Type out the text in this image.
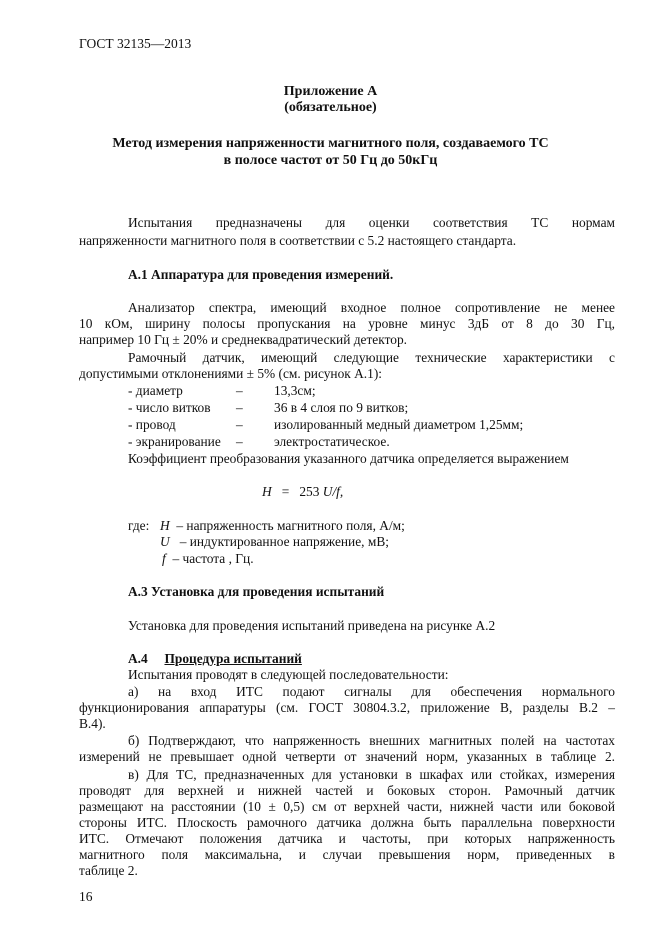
ГОСТ 32135—2013
Приложение А
(обязательное)
Метод измерения напряженности магнитного поля, создаваемого ТС
в полосе частот от 50 Гц до 50кГц
Испытания предназначены для оценки соответствия ТС нормам
напряженности магнитного поля в соответствии с 5.2 настоящего стандарта.
А.1 Аппаратура для проведения измерений.
Анализатор спектра, имеющий входное полное сопротивление не менее
10 кОм, ширину полосы пропускания на уровне минус 3дБ от 8 до 30 Гц,
например 10 Гц ± 20% и среднеквадратический детектор.
Рамочный датчик, имеющий следующие технические характеристики с
допустимыми отклонениями ± 5% (см. рисунок А.1):
- диаметр	– 13,3см;
- число витков – 36 в 4 слоя по 9 витков;
- провод	– изолированный медный диаметром 1,25мм;
- экранирование – электростатическое.
Коэффициент преобразования указанного датчика определяется выражением
H = 253 U/f,
где: H – напряженность магнитного поля, А/м;
U – индуктированное напряжение, мВ;
f – частота , Гц.
А.3 Установка для проведения испытаний
Установка для проведения испытаний приведена на рисунке А.2
А.4 Процедура испытаний
Испытания проводят в следующей последовательности:
а) на вход ИТС подают сигналы для обеспечения нормального
функционирования аппаратуры (см. ГОСТ 30804.3.2, приложение В, разделы В.2 –
В.4).
б) Подтверждают, что напряженность внешних магнитных полей на частотах
измерений не превышает одной четверти от значений норм, указанных в таблице 2.
в) Для ТС, предназначенных для установки в шкафах или стойках, измерения
проводят для верхней и нижней частей и боковых сторон. Рамочный датчик
размещают на расстоянии (10 ± 0,5) см от верхней части, нижней части или боковой
стороны ИТС. Плоскость рамочного датчика должна быть параллельна поверхности
ИТС. Отмечают положения датчика и частоты, при которых напряженность
магнитного поля максимальна, и случаи превышения норм, приведенных в
таблице 2.
16
